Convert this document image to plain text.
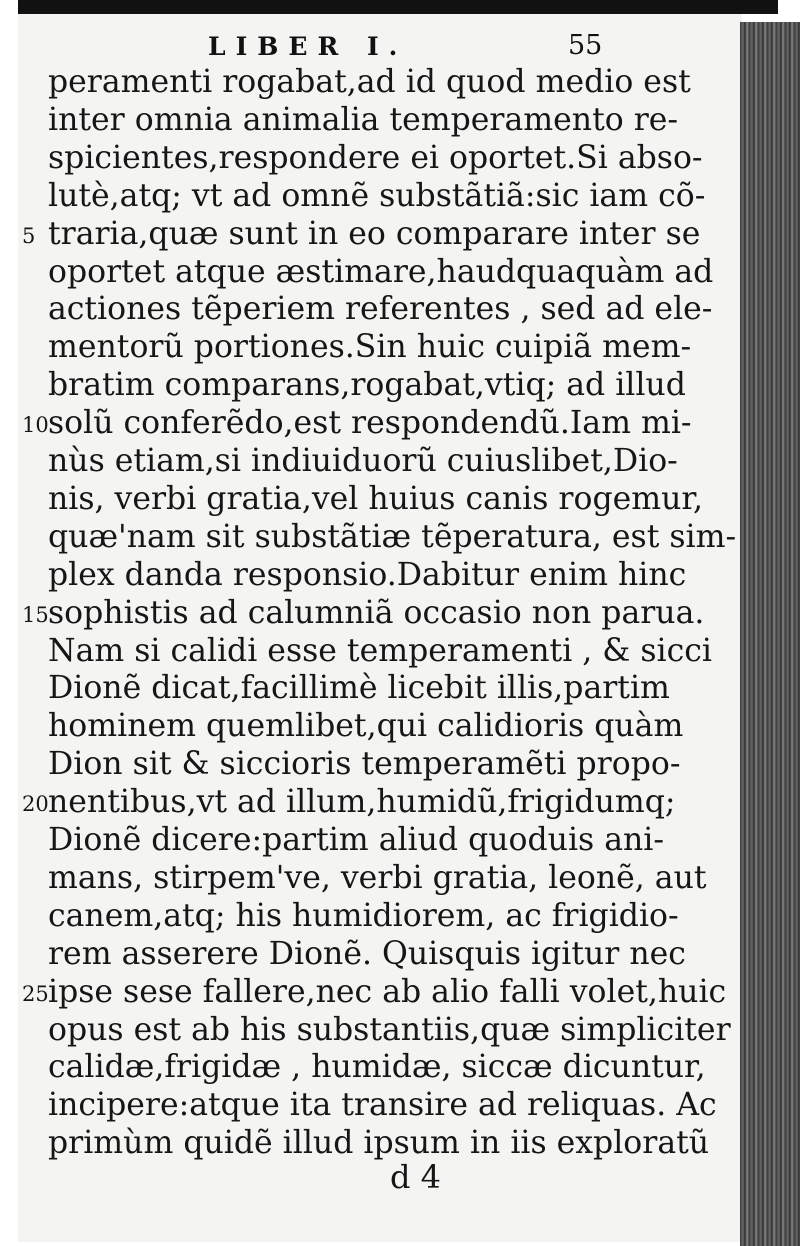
LIBER I.	55
peramenti rogabat,ad id quod medio est
inter omnia animalia temperamento re-
spicientes,respondere ei oportet.Si abso-
lutè,atq; vt ad omnẽ substãtiã:sic iam cõ-
traria,quæ sunt in eo comparare inter se
oportet atque æstimare,haudquaquàm ad
actiones tẽperiem referentes , sed ad ele-
mentorũ portiones.Sin huic cuipiã mem-
bratim comparans,rogabat,vtiq; ad illud
solũ conferẽdo,est respondendũ.Iam mi-
nùs etiam,si indiuiduorũ cuiuslibet,Dio-
nis, verbi gratia,vel huius canis rogemur,
quæ'nam sit substãtiæ tẽperatura, est sim-
plex danda responsio.Dabitur enim hinc
sophistis ad calumniã occasio non parua.
Nam si calidi esse temperamenti , & sicci
Dionẽ dicat,facillimè licebit illis,partim
hominem quemlibet,qui calidioris quàm
Dion sit & siccioris temperamẽti propo-
nentibus,vt ad illum,humidũ,frigidumq;
Dionẽ dicere:partim aliud quoduis ani-
mans, stirpem've, verbi gratia, leonẽ, aut
canem,atq; his humidiorem, ac frigidio-
rem asserere Dionẽ. Quisquis igitur nec
ipse sese fallere,nec ab alio falli volet,huic
opus est ab his substantiis,quæ simpliciter
calidæ,frigidæ , humidæ, siccæ dicuntur,
incipere:atque ita transire ad reliquas. Ac
primùm quidẽ illud ipsum in iis exploratũ
5
10
15
20
25
d 4
